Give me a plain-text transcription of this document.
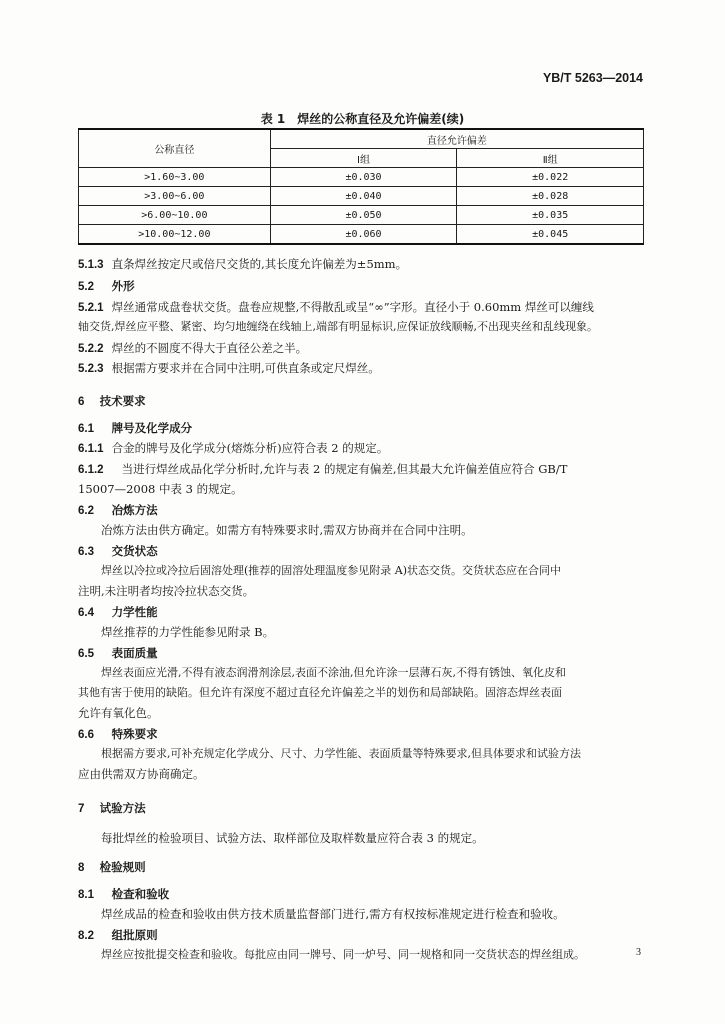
YB/T 5263—2014
表 1　焊丝的公称直径及允许偏差(续)
公称直径	直径允许偏差	
	Ⅰ组	Ⅱ组
>1.60~3.00	±0.030	±0.022
>3.00~6.00	±0.040	±0.028
>6.00~10.00	±0.050	±0.035
>10.00~12.00	±0.060	±0.045
5.1.3 直条焊丝按定尺或倍尺交货的,其长度允许偏差为±5mm。
5.2 外形
5.2.1 焊丝通常成盘卷状交货。盘卷应规整,不得散乱或呈“∞”字形。直径小于 0.60mm 焊丝可以缠线
轴交货,焊丝应平整、紧密、均匀地缠绕在线轴上,端部有明显标识,应保证放线顺畅,不出现夹丝和乱线现象。
5.2.2 焊丝的不圆度不得大于直径公差之半。
5.2.3 根据需方要求并在合同中注明,可供直条或定尺焊丝。
6 技术要求
6.1 牌号及化学成分
6.1.1 合金的牌号及化学成分(熔炼分析)应符合表 2 的规定。
6.1.2 当进行焊丝成品化学分析时,允许与表 2 的规定有偏差,但其最大允许偏差值应符合 GB/T
15007—2008 中表 3 的规定。
6.2 冶炼方法
冶炼方法由供方确定。如需方有特殊要求时,需双方协商并在合同中注明。
6.3 交货状态
焊丝以冷拉或冷拉后固溶处理(推荐的固溶处理温度参见附录 A)状态交货。交货状态应在合同中
注明,未注明者均按冷拉状态交货。
6.4 力学性能
焊丝推荐的力学性能参见附录 B。
6.5 表面质量
焊丝表面应光滑,不得有液态润滑剂涂层,表面不涂油,但允许涂一层薄石灰,不得有锈蚀、氧化皮和
其他有害于使用的缺陷。但允许有深度不超过直径允许偏差之半的划伤和局部缺陷。固溶态焊丝表面
允许有氧化色。
6.6 特殊要求
根据需方要求,可补充规定化学成分、尺寸、力学性能、表面质量等特殊要求,但具体要求和试验方法
应由供需双方协商确定。
7 试验方法
每批焊丝的检验项目、试验方法、取样部位及取样数量应符合表 3 的规定。
8 检验规则
8.1 检查和验收
焊丝成品的检查和验收由供方技术质量监督部门进行,需方有权按标准规定进行检查和验收。
8.2 组批原则
焊丝应按批提交检查和验收。每批应由同一牌号、同一炉号、同一规格和同一交货状态的焊丝组成。	3
